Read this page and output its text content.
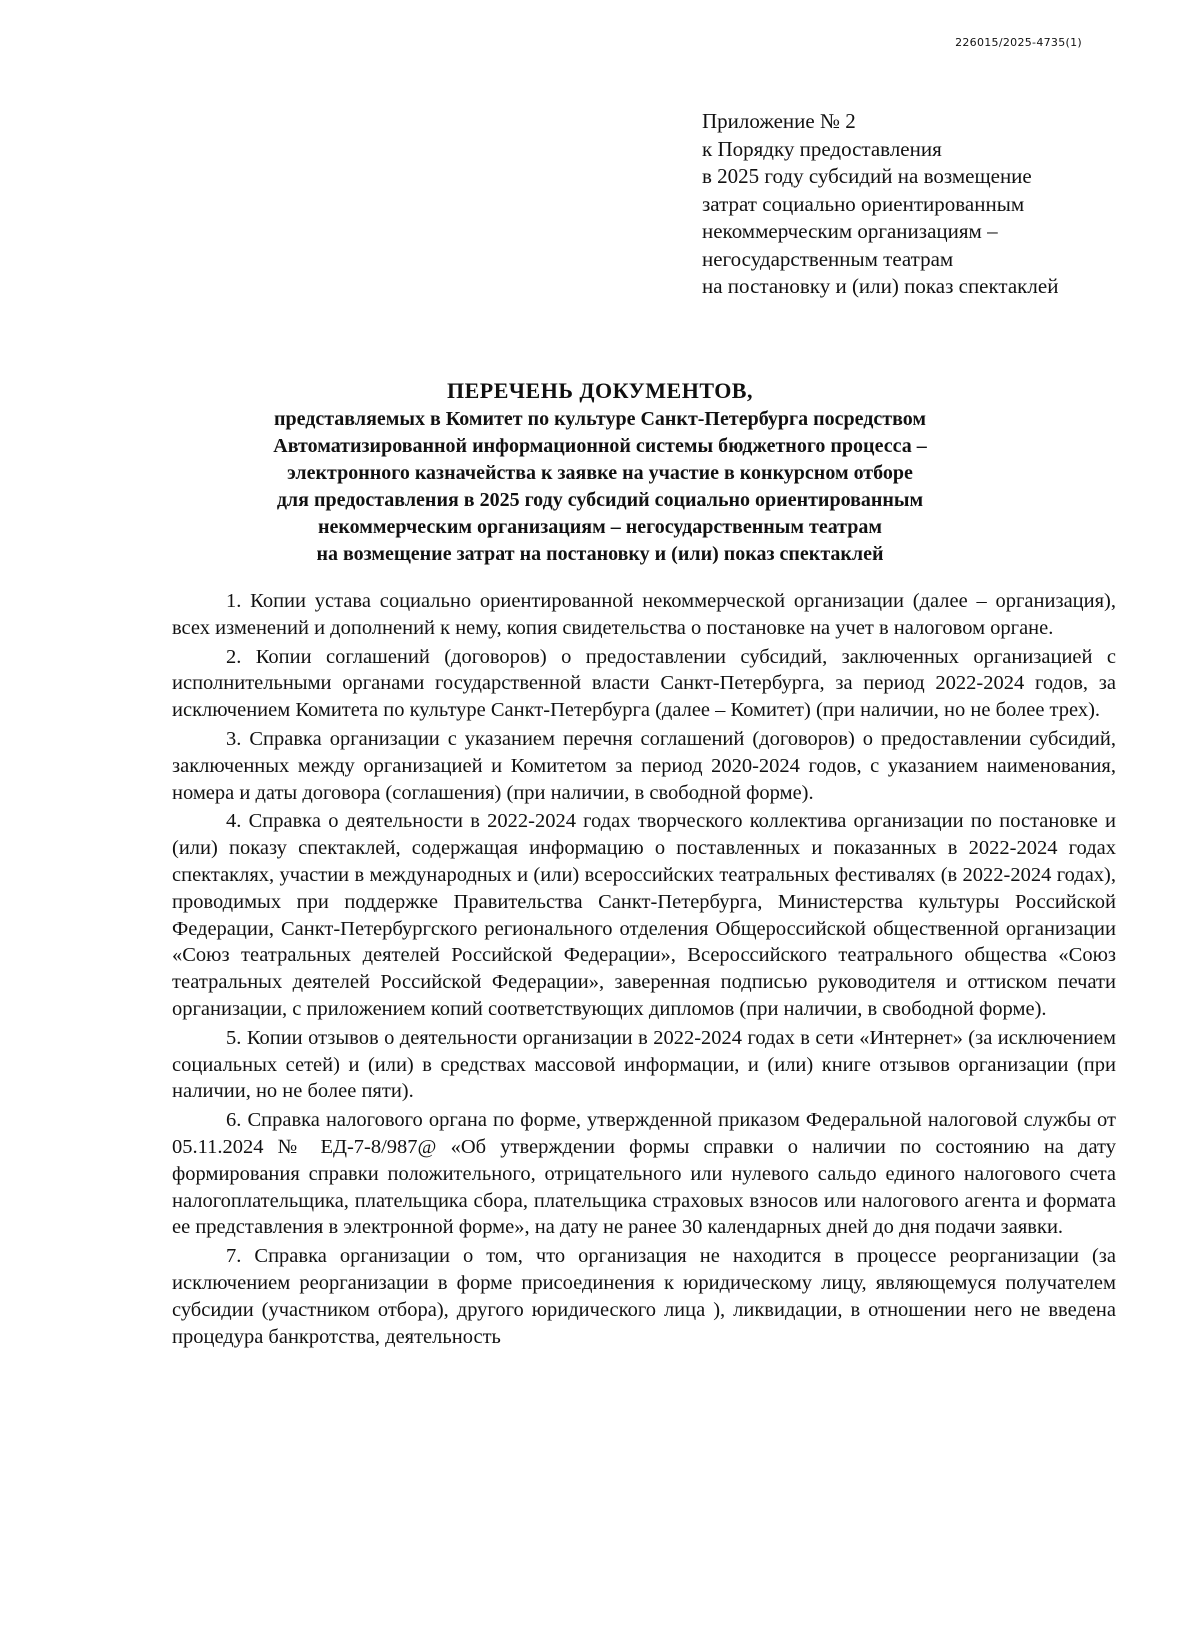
226015/2025-4735(1)
Приложение № 2
к Порядку предоставления
в 2025 году субсидий на возмещение
затрат социально ориентированным
некоммерческим организациям –
негосударственным театрам
на постановку и (или) показ спектаклей
ПЕРЕЧЕНЬ ДОКУМЕНТОВ,
представляемых в Комитет по культуре Санкт-Петербурга посредством
Автоматизированной информационной системы бюджетного процесса –
электронного казначейства к заявке на участие в конкурсном отборе
для предоставления в 2025 году субсидий социально ориентированным
некоммерческим организациям – негосударственным театрам
на возмещение затрат на постановку и (или) показ спектаклей

1. Копии устава социально ориентированной некоммерческой организации (далее – организация), всех изменений и дополнений к нему, копия свидетельства о постановке на учет в налоговом органе.

2. Копии соглашений (договоров) о предоставлении субсидий, заключенных организацией с исполнительными органами государственной власти Санкт-Петербурга, за период 2022-2024 годов, за исключением Комитета по культуре Санкт-Петербурга (далее – Комитет) (при наличии, но не более трех).

3. Справка организации с указанием перечня соглашений (договоров) о предоставлении субсидий, заключенных между организацией и Комитетом за период 2020-2024 годов, с указанием наименования, номера и даты договора (соглашения) (при наличии, в свободной форме).

4. Справка о деятельности в 2022-2024 годах творческого коллектива организации по постановке и (или) показу спектаклей, содержащая информацию о поставленных и показанных в 2022-2024 годах спектаклях, участии в международных и (или) всероссийских театральных фестивалях (в 2022-2024 годах), проводимых при поддержке Правительства Санкт-Петербурга, Министерства культуры Российской Федерации, Санкт-Петербургского регионального отделения Общероссийской общественной организации «Союз театральных деятелей Российской Федерации», Всероссийского театрального общества «Союз театральных деятелей Российской Федерации», заверенная подписью руководителя и оттиском печати организации, с приложением копий соответствующих дипломов (при наличии, в свободной форме).

5. Копии отзывов о деятельности организации в 2022-2024 годах в сети «Интернет» (за исключением социальных сетей) и (или) в средствах массовой информации, и (или) книге отзывов организации (при наличии, но не более пяти).

6. Справка налогового органа по форме, утвержденной приказом Федеральной налоговой службы от 05.11.2024 № ЕД-7-8/987@ «Об утверждении формы справки о наличии по состоянию на дату формирования справки положительного, отрицательного или нулевого сальдо единого налогового счета налогоплательщика, плательщика сбора, плательщика страховых взносов или налогового агента и формата ее представления в электронной форме», на дату не ранее 30 календарных дней до дня подачи заявки.

7. Справка организации о том, что организация не находится в процессе реорганизации (за исключением реорганизации в форме присоединения к юридическому лицу, являющемуся получателем субсидии (участником отбора), другого юридического лица ), ликвидации, в отношении него не введена процедура банкротства, деятельность
